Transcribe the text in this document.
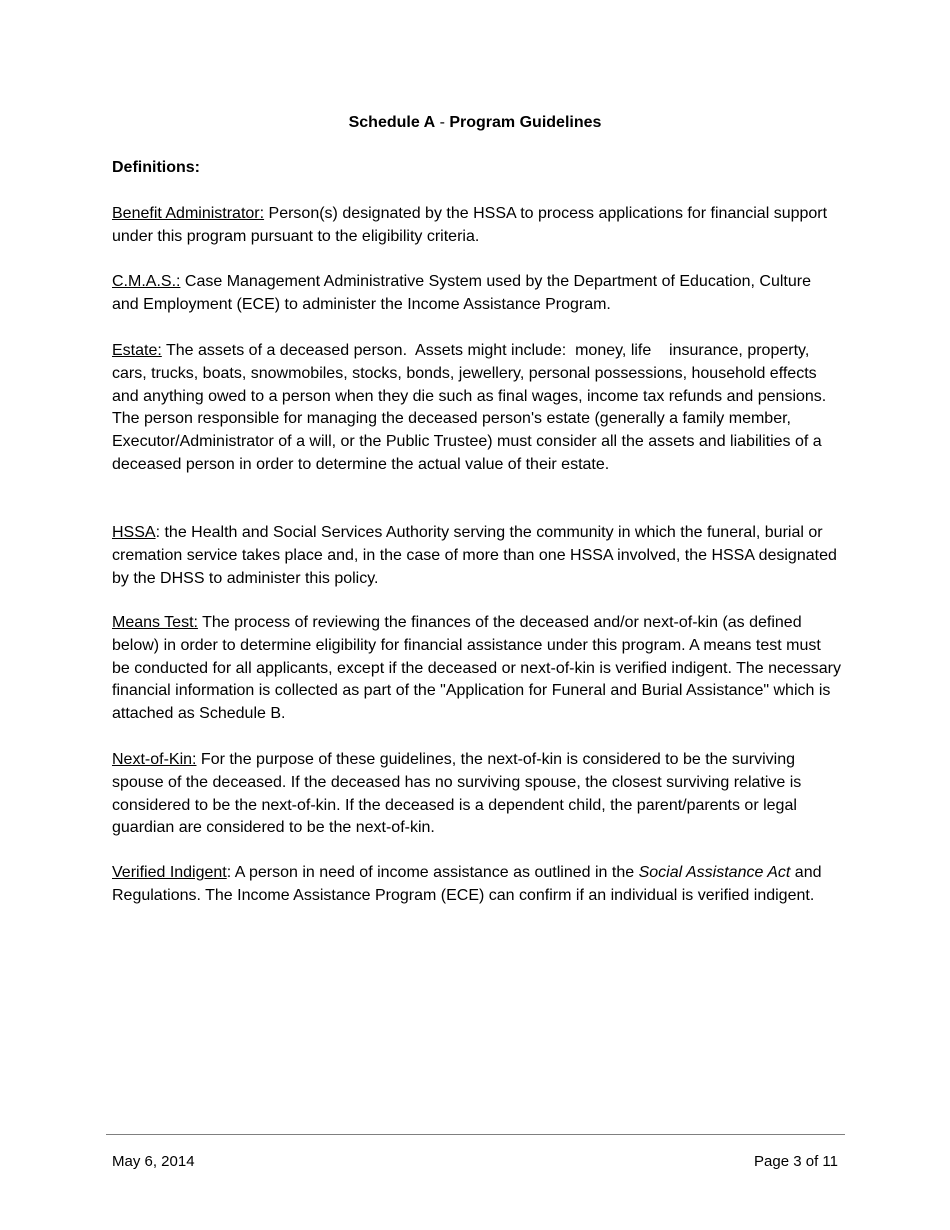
Schedule A - Program Guidelines
Definitions:

Benefit Administrator: Person(s) designated by the HSSA to process applications for financial support under this program pursuant to the eligibility criteria.

C.M.A.S.: Case Management Administrative System used by the Department of Education, Culture and Employment (ECE) to administer the Income Assistance Program.

Estate: The assets of a deceased person.  Assets might include:  money, life    insurance, property, cars, trucks, boats, snowmobiles, stocks, bonds, jewellery, personal possessions, household effects and anything owed to a person when they die such as final wages, income tax refunds and pensions. The person responsible for managing the deceased person's estate (generally a family member, Executor/Administrator of a will, or the Public Trustee) must consider all the assets and liabilities of a deceased person in order to determine the actual value of their estate.

HSSA: the Health and Social Services Authority serving the community in which the funeral, burial or cremation service takes place and, in the case of more than one HSSA involved, the HSSA designated by the DHSS to administer this policy.

Means Test: The process of reviewing the finances of the deceased and/or next-of-kin (as defined below) in order to determine eligibility for financial assistance under this program. A means test must be conducted for all applicants, except if the deceased or next-of-kin is verified indigent. The necessary financial information is collected as part of the "Application for Funeral and Burial Assistance" which is attached as Schedule B.

Next-of-Kin: For the purpose of these guidelines, the next-of-kin is considered to be the surviving spouse of the deceased. If the deceased has no surviving spouse, the closest surviving relative is considered to be the next-of-kin. If the deceased is a dependent child, the parent/parents or legal guardian are considered to be the next-of-kin.

Verified Indigent: A person in need of income assistance as outlined in the Social Assistance Act and Regulations. The Income Assistance Program (ECE) can confirm if an individual is verified indigent.

May 6, 2014	Page 3 of 11
